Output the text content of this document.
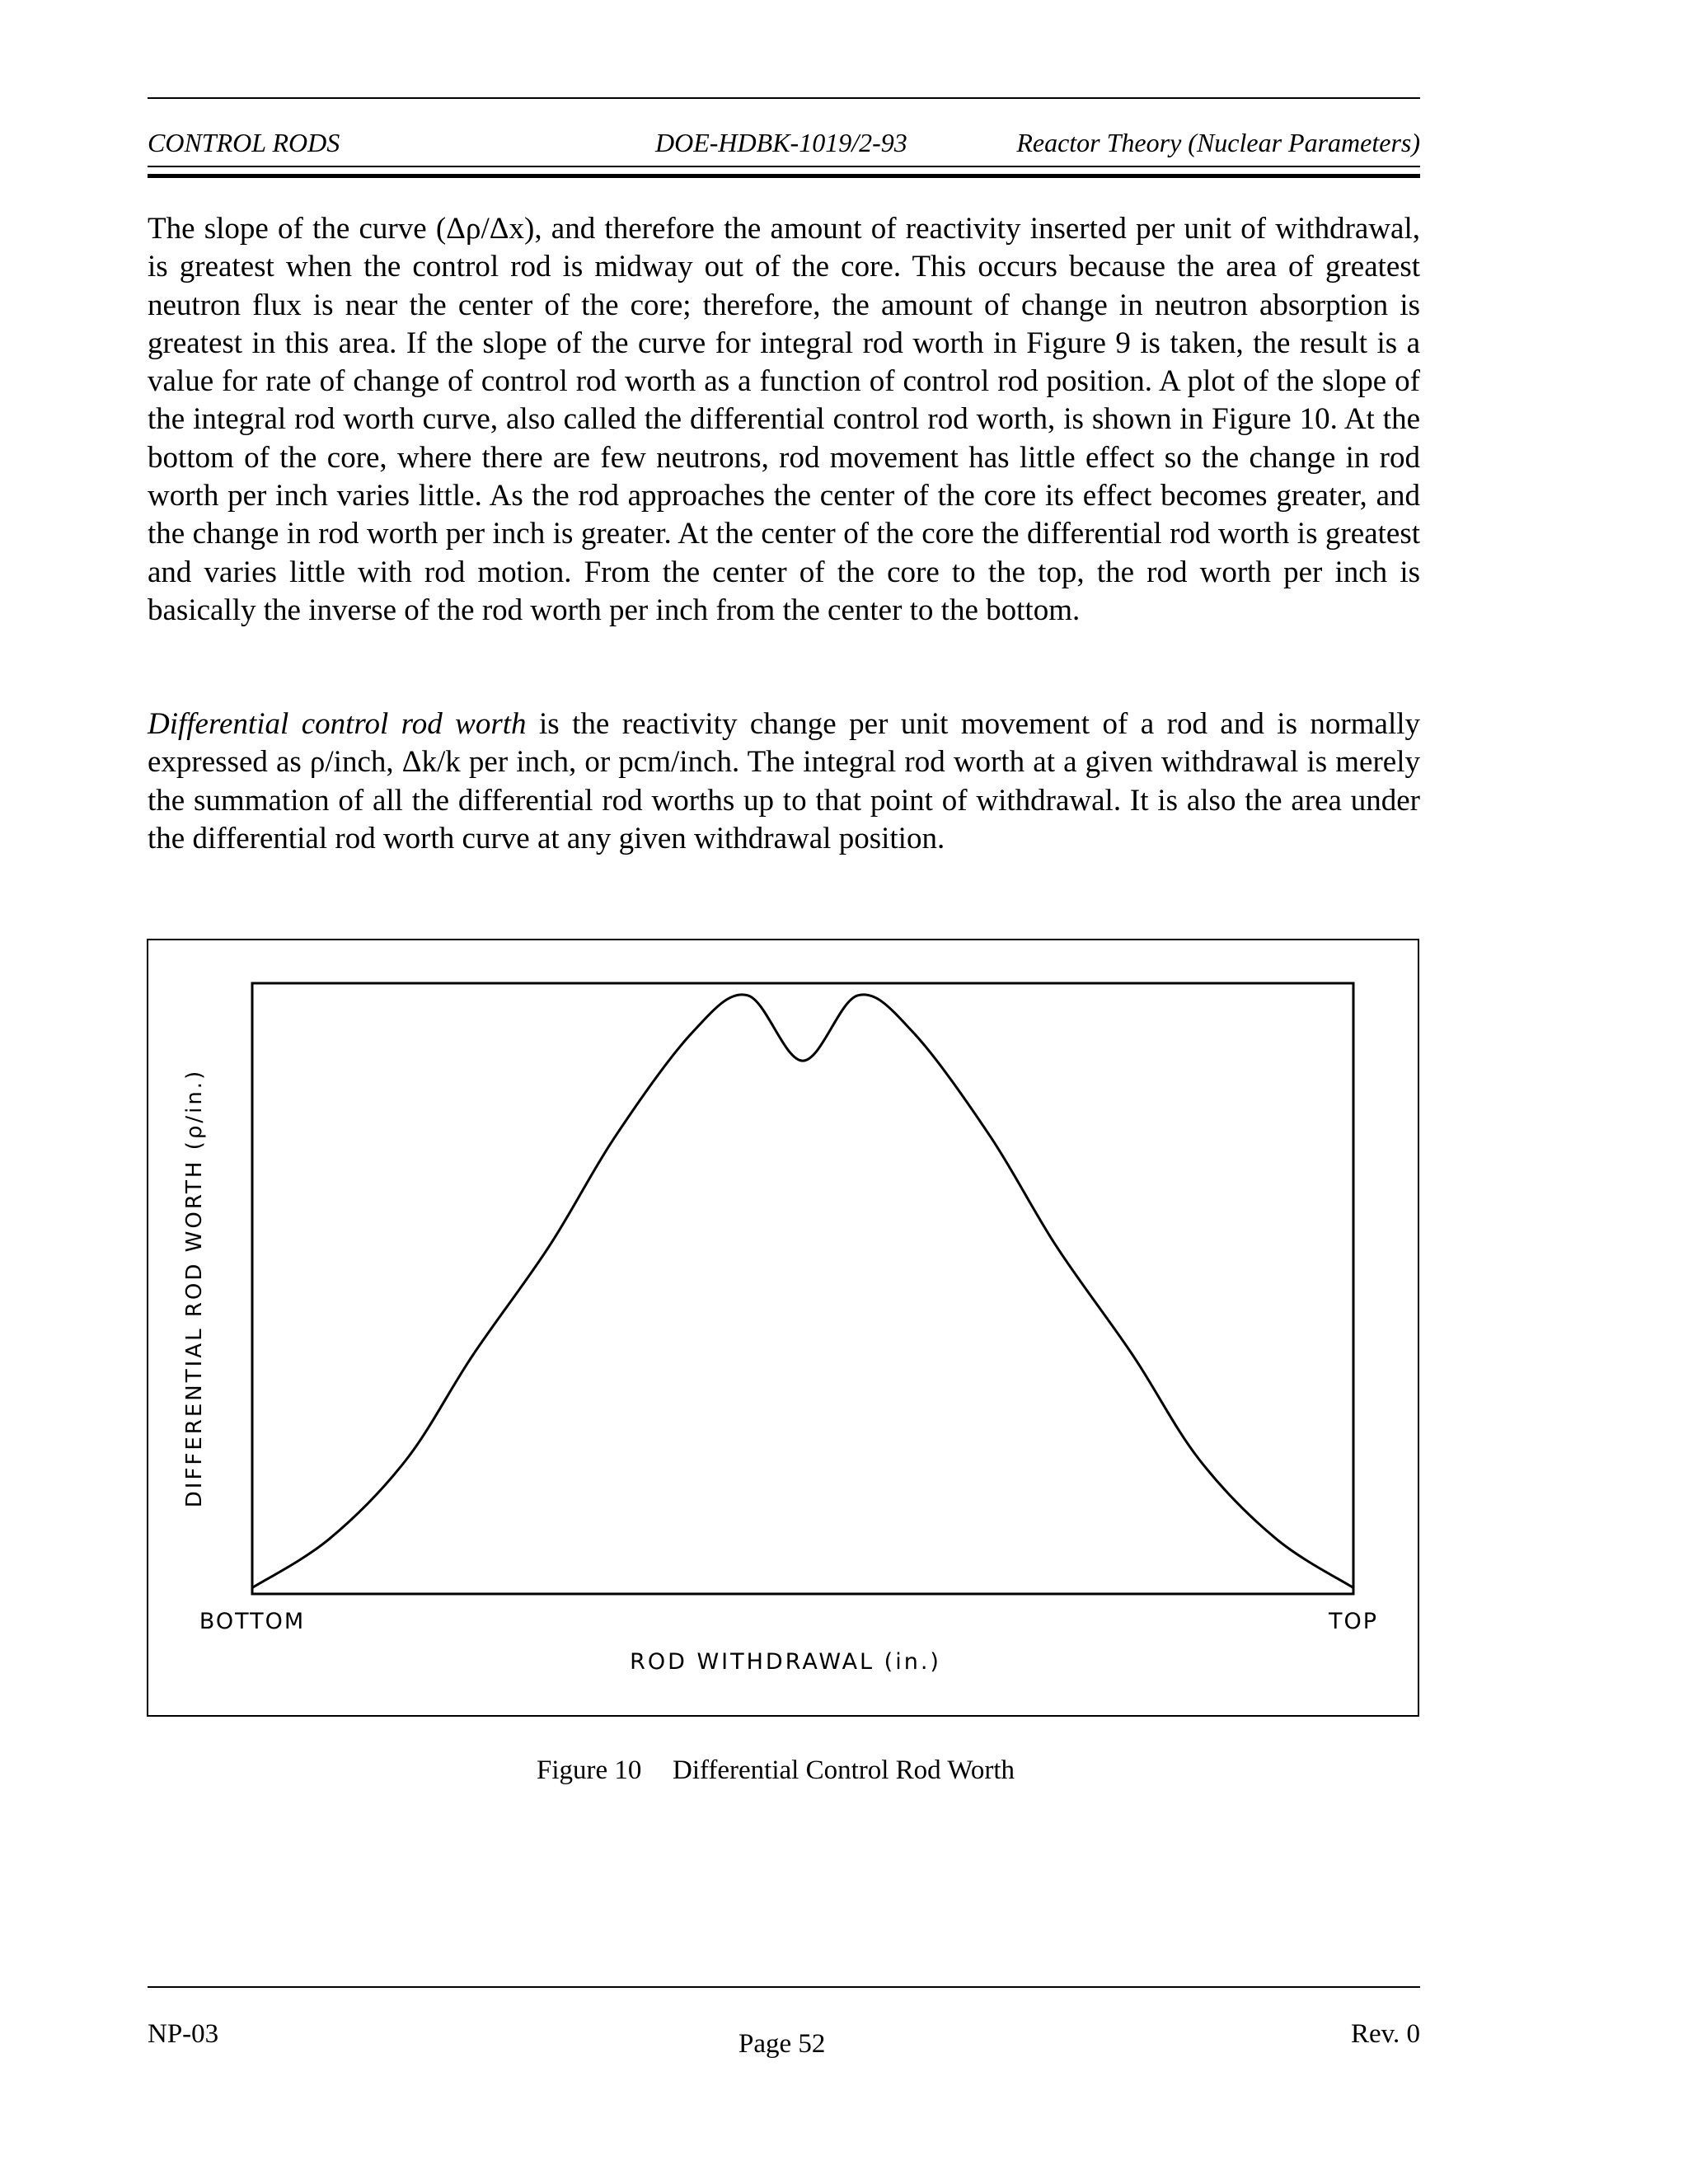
CONTROL RODS	DOE-HDBK-1019/2-93	Reactor Theory (Nuclear Parameters)

The slope of the curve (Δρ/Δx), and therefore the amount of reactivity inserted per unit of withdrawal, is greatest when the control rod is midway out of the core. This occurs because the area of greatest neutron flux is near the center of the core; therefore, the amount of change in neutron absorption is greatest in this area. If the slope of the curve for integral rod worth in Figure 9 is taken, the result is a value for rate of change of control rod worth as a function of control rod position. A plot of the slope of the integral rod worth curve, also called the differential control rod worth, is shown in Figure 10. At the bottom of the core, where there are few neutrons, rod movement has little effect so the change in rod worth per inch varies little. As the rod approaches the center of the core its effect becomes greater, and the change in rod worth per inch is greater. At the center of the core the differential rod worth is greatest and varies little with rod motion. From the center of the core to the top, the rod worth per inch is basically the inverse of the rod worth per inch from the center to the bottom.

Differential control rod worth is the reactivity change per unit movement of a rod and is normally expressed as ρ/inch, Δk/k per inch, or pcm/inch. The integral rod worth at a given withdrawal is merely the summation of all the differential rod worths up to that point of withdrawal. It is also the area under the differential rod worth curve at any given withdrawal position.

DIFFERENTIAL ROD WORTH (ρ/in.)
BOTTOM	TOP
ROD WITHDRAWAL (in.)
Figure 10 Differential Control Rod Worth
NP-03	Page 52	Rev. 0
